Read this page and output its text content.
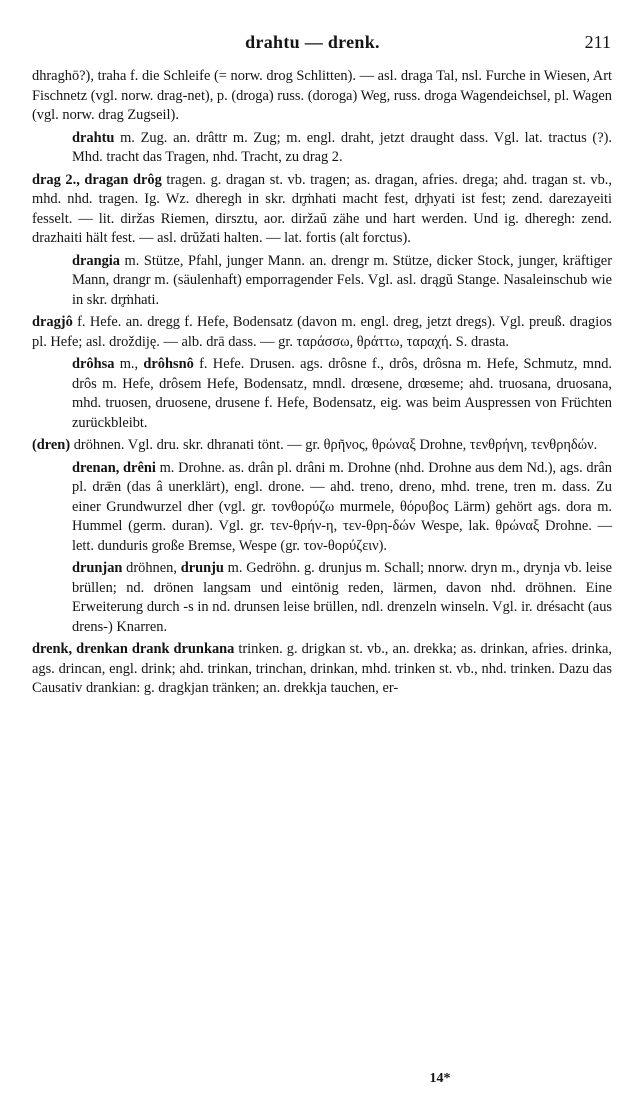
drahtu — drenk.	211

dhraghō?), traha f. die Schleife (= norw. drog Schlitten). — asl. draga Tal, nsl. Furche in Wiesen, Art Fischnetz (vgl. norw. drag-net), p. (droga) russ. (doroga) Weg, russ. droga Wagendeichsel, pl. Wagen (vgl. norw. drag Zugseil).

drahtu m. Zug. an. drâttr m. Zug; m. engl. draht, jetzt draught dass. Vgl. lat. tractus (?). Mhd. tracht das Tragen, nhd. Tracht, zu drag 2.

drag 2., dragan drôg tragen. g. dragan st. vb. tragen; as. dragan, afries. drega; ahd. tragan st. vb., mhd. nhd. tragen. Ig. Wz. dheregh in skr. dr̥ṁhati macht fest, dr̥hyati ist fest; zend. darezayeiti fesselt. — lit. diržas Riemen, dirsztu, aor. diržaŭ zähe und hart werden. Und ig. dheregh: zend. drazhaiti hält fest. — asl. drŭžati halten. — lat. fortis (alt forctus).

drangia m. Stütze, Pfahl, junger Mann. an. drengr m. Stütze, dicker Stock, junger, kräftiger Mann, drangr m. (säulenhaft) emporragender Fels. Vgl. asl. drągŭ Stange. Nasaleinschub wie in skr. dr̥ṁhati.

dragjô f. Hefe. an. dregg f. Hefe, Bodensatz (davon m. engl. dreg, jetzt dregs). Vgl. preuß. dragios pl. Hefe; asl. droždiję. — alb. drā dass. — gr. ταράσσω, θράττω, ταραχή. S. drasta.

drôhsa m., drôhsnô f. Hefe. Drusen. ags. drôsne f., drôs, drôsna m. Hefe, Schmutz, mnd. drôs m. Hefe, drôsem Hefe, Bodensatz, mndl. drœsene, drœseme; ahd. truosana, druosana, mhd. truosen, druosene, drusene f. Hefe, Bodensatz, eig. was beim Auspressen von Früchten zurückbleibt.

(dren) dröhnen. Vgl. dru. skr. dhranati tönt. — gr. θρῆνος, θρώναξ Drohne, τενθρήνη, τενθρηδών.

drenan, drêni m. Drohne. as. drân pl. drâni m. Drohne (nhd. Drohne aus dem Nd.), ags. drân pl. drǣn (das â unerklärt), engl. drone. — ahd. treno, dreno, mhd. trene, tren m. dass. Zu einer Grundwurzel dher (vgl. gr. τονθορύζω murmele, θόρυβος Lärm) gehört ags. dora m. Hummel (germ. duran). Vgl. gr. τεν-θρήν-η, τεν-θρη-δών Wespe, lak. θρώναξ Drohne. — lett. dunduris große Bremse, Wespe (gr. τον-θορύζειν).

drunjan dröhnen, drunju m. Gedröhn. g. drunjus m. Schall; nnorw. dryn m., drynja vb. leise brüllen; nd. drönen langsam und eintönig reden, lärmen, davon nhd. dröhnen. Eine Erweiterung durch -s in nd. drunsen leise brüllen, ndl. drenzeln winseln. Vgl. ir. drésacht (aus drens-) Knarren.

drenk, drenkan drank drunkana trinken. g. drigkan st. vb., an. drekka; as. drinkan, afries. drinka, ags. drincan, engl. drink; ahd. trinkan, trinchan, drinkan, mhd. trinken st. vb., nhd. trinken. Dazu das Causativ drankian: g. dragkjan tränken; an. drekkja tauchen, er-

14*
